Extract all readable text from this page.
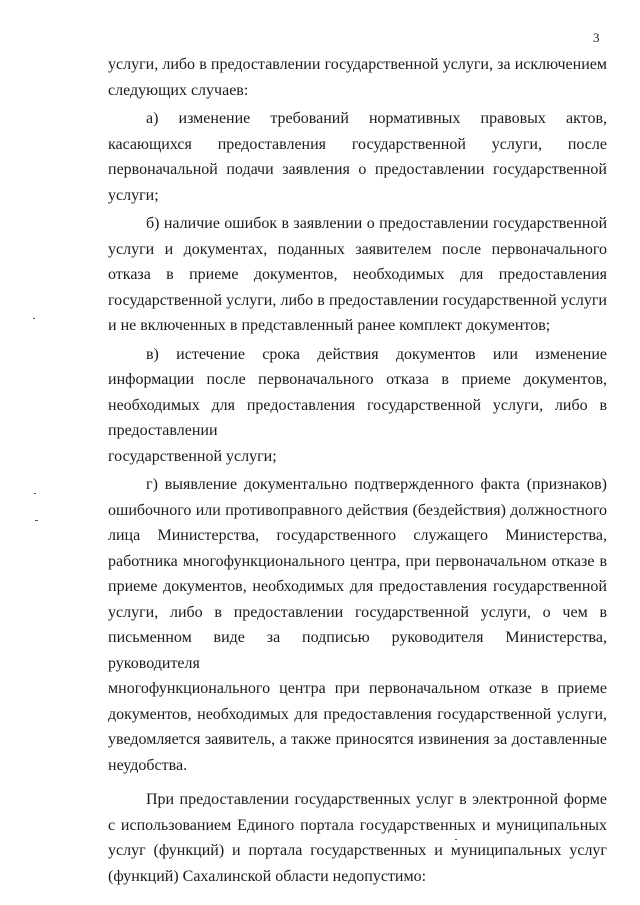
3

услуги, либо в предоставлении государственной услуги, за исключением следующих случаев:

а) изменение требований нормативных правовых актов, касающихся предоставления государственной услуги, после первоначальной подачи заявления о предоставлении государственной услуги;

б) наличие ошибок в заявлении о предоставлении государственной услуги и документах, поданных заявителем после первоначального отказа в приеме документов, необходимых для предоставления государственной услуги, либо в предоставлении государственной услуги и не включенных в представленный ранее комплект документов;

в) истечение срока действия документов или изменение информации после первоначального отказа в приеме документов, необходимых для предоставления государственной услуги, либо в предоставлении

государственной услуги;

г) выявление документально подтвержденного факта (признаков) ошибочного или противоправного действия (бездействия) должностного лица Министерства, государственного служащего Министерства, работника многофункционального центра, при первоначальном отказе в приеме документов, необходимых для предоставления государственной услуги, либо в предоставлении государственной услуги, о чем в письменном виде за подписью руководителя Министерства, руководителя

многофункционального центра при первоначальном отказе в приеме документов, необходимых для предоставления государственной услуги, уведомляется заявитель, а также приносятся извинения за доставленные неудобства.

При предоставлении государственных услуг в электронной форме с использованием Единого портала государственных и муниципальных услуг (функций) и портала государственных и муниципальных услуг (функций) Сахалинской области недопустимо:
